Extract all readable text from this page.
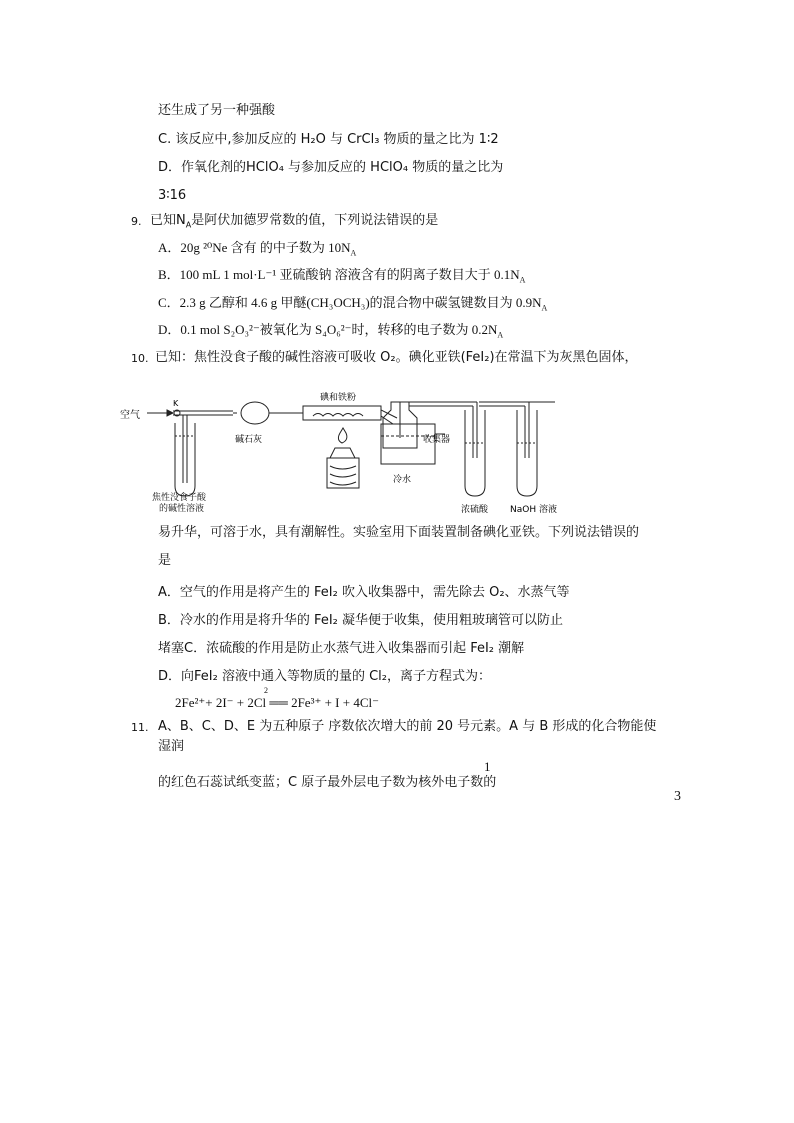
还生成了另一种强酸
C. 该反应中,参加反应的 H₂O 与 CrCl₃ 物质的量之比为 1∶2
D．作氧化剂的HClO₄ 与参加反应的 HClO₄ 物质的量之比为
3∶16
9. 已知$N_A$是阿伏加德罗常数的值，下列说法错误的是
A．20g ²⁰Ne 含有 的中子数为 $10N_A$
B．100 mL 1 mol·L⁻¹ 亚硫酸钠 溶液含有的阴离子数目大于 $0.1N_A$
C．2.3 g 乙醇和 4.6 g 甲醚(CH₃OCH₃)的混合物中碳氢键数目为 $0.9N_A$
D．0.1 mol S₂O₃²⁻被氧化为 S₄O₆²⁻时，转移的电子数为 $0.2N_A$
10. 已知：焦性没食子酸的碱性溶液可吸收 O₂。碘化亚铁(FeI₂)在常温下为灰黑色固体，
空气
K
碱石灰
碘和铁粉
收集器
冷水
浓硫酸 NaOH 溶液
焦性没食子酸
的碱性溶液
易升华，可溶于水，具有潮解性。实验室用下面装置制备碘化亚铁。下列说法错误的
是
A．空气的作用是将产生的 FeI₂ 吹入收集器中，需先除去 O₂、水蒸气等
B．冷水的作用是将升华的 FeI₂ 凝华便于收集，使用粗玻璃管可以防止
堵塞C．浓硫酸的作用是防止水蒸气进入收集器而引起 FeI₂ 潮解
D．向FeI₂ 溶液中通入等物质的量的 Cl₂，离子方程式为：
2Fe²⁺+ 2I⁻ + 2Cl ══ 2Fe³⁺ + I + 4Cl⁻
2
11. A、B、C、D、E 为五种原子 序数依次增大的前 20 号元素。A 与 B 形成的化合物能使
湿润
1
的红色石蕊试纸变蓝；C 原子最外层电子数为核外电子数的
3
